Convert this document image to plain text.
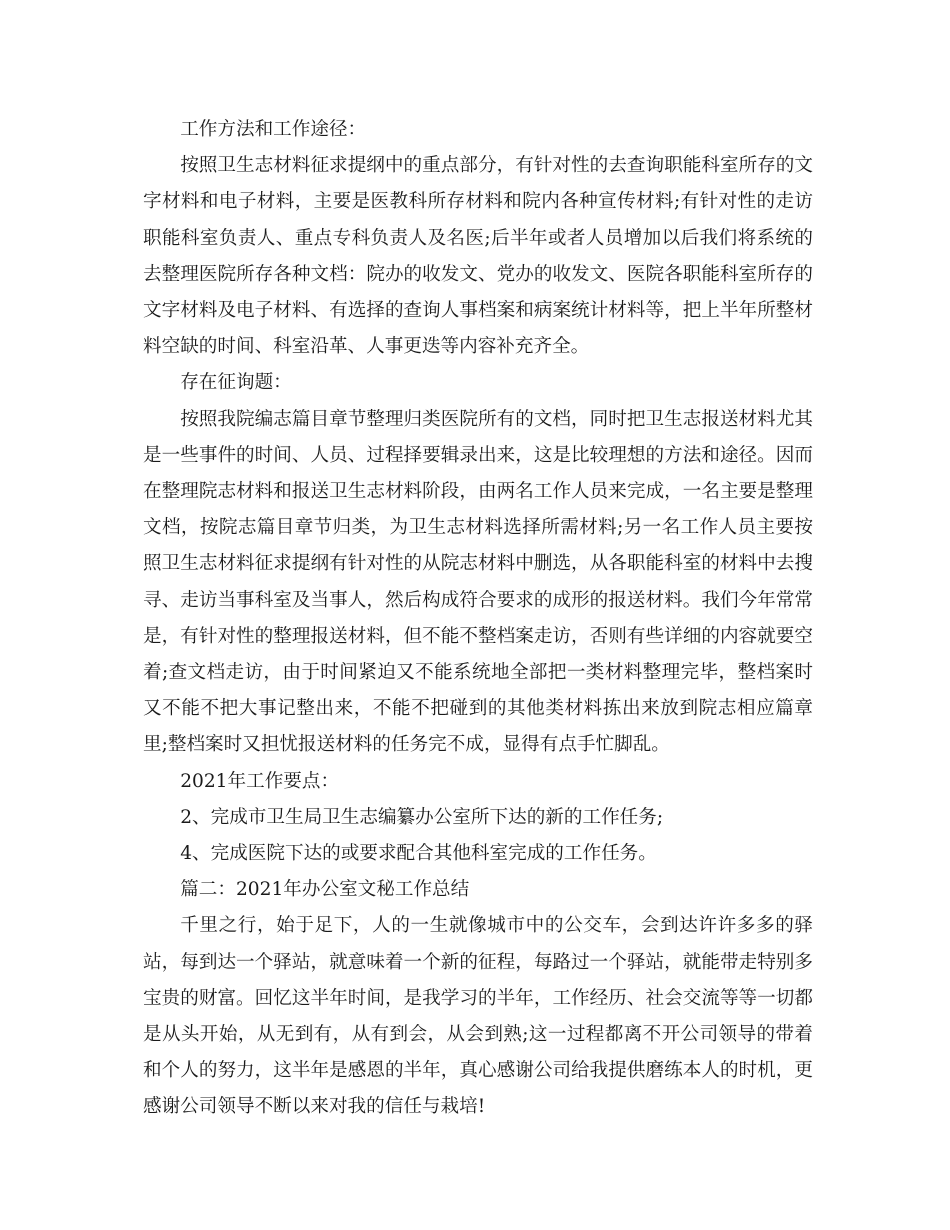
工作方法和工作途径：

按照卫生志材料征求提纲中的重点部分，有针对性的去查询职能科室所存的文字材料和电子材料，主要是医教科所存材料和院内各种宣传材料;有针对性的走访职能科室负责人、重点专科负责人及名医;后半年或者人员增加以后我们将系统的去整理医院所存各种文档：院办的收发文、党办的收发文、医院各职能科室所存的文字材料及电子材料、有选择的查询人事档案和病案统计材料等，把上半年所整材料空缺的时间、科室沿革、人事更迭等内容补充齐全。

存在征询题：

按照我院编志篇目章节整理归类医院所有的文档，同时把卫生志报送材料尤其是一些事件的时间、人员、过程择要辑录出来，这是比较理想的方法和途径。因而在整理院志材料和报送卫生志材料阶段，由两名工作人员来完成，一名主要是整理文档，按院志篇目章节归类，为卫生志材料选择所需材料;另一名工作人员主要按照卫生志材料征求提纲有针对性的从院志材料中删选，从各职能科室的材料中去搜寻、走访当事科室及当事人，然后构成符合要求的成形的报送材料。我们今年常常是，有针对性的整理报送材料，但不能不整档案走访，否则有些详细的内容就要空着;查文档走访，由于时间紧迫又不能系统地全部把一类材料整理完毕，整档案时又不能不把大事记整出来，不能不把碰到的其他类材料拣出来放到院志相应篇章里;整档案时又担忧报送材料的任务完不成，显得有点手忙脚乱。

2021年工作要点：

2、完成市卫生局卫生志编纂办公室所下达的新的工作任务;

4、完成医院下达的或要求配合其他科室完成的工作任务。

篇二：2021年办公室文秘工作总结

千里之行，始于足下，人的一生就像城市中的公交车，会到达许许多多的驿站，每到达一个驿站，就意味着一个新的征程，每路过一个驿站，就能带走特别多宝贵的财富。回忆这半年时间，是我学习的半年，工作经历、社会交流等等一切都是从头开始，从无到有，从有到会，从会到熟;这一过程都离不开公司领导的带着和个人的努力，这半年是感恩的半年，真心感谢公司给我提供磨练本人的时机，更感谢公司领导不断以来对我的信任与栽培!
